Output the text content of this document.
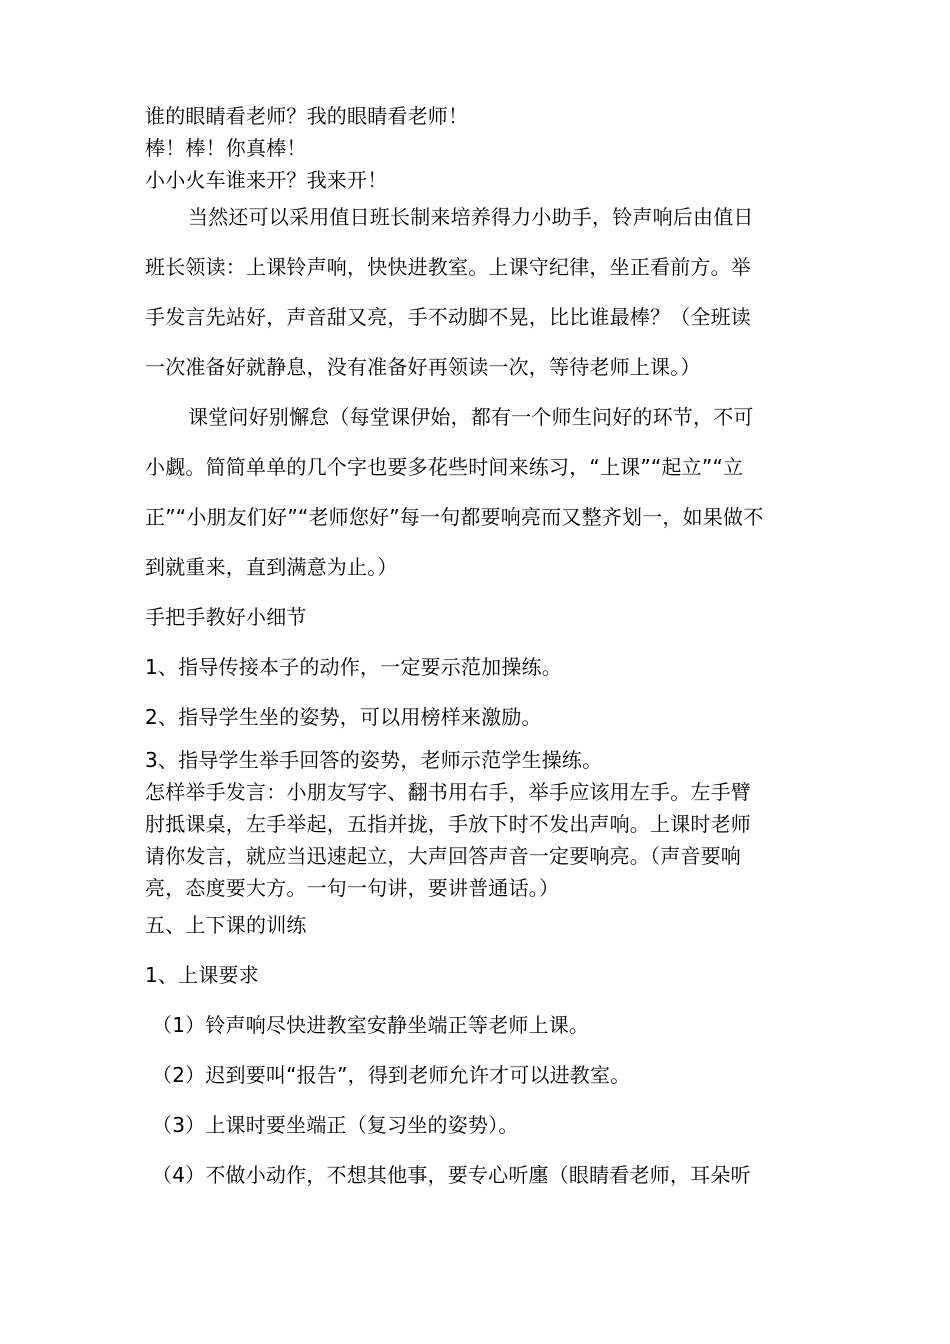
谁的眼睛看老师？我的眼睛看老师！
棒！棒！你真棒！
小小火车谁来开？我来开！
当然还可以采用值日班长制来培养得力小助手，铃声响后由值日
班长领读：上课铃声响，快快进教室。上课守纪律，坐正看前方。举
手发言先站好，声音甜又亮，手不动脚不晃，比比谁最棒？（全班读
一次准备好就静息，没有准备好再领读一次，等待老师上课。）
课堂问好别懈怠（每堂课伊始，都有一个师生问好的环节，不可
小觑。简简单单的几个字也要多花些时间来练习，“上课”“起立”“立
正”“小朋友们好”“老师您好”每一句都要响亮而又整齐划一，如果做不
到就重来，直到满意为止。）
手把手教好小细节
1、指导传接本子的动作，一定要示范加操练。
2、指导学生坐的姿势，可以用榜样来激励。
3、指导学生举手回答的姿势，老师示范学生操练。
怎样举手发言：小朋友写字、翻书用右手，举手应该用左手。左手臂
肘抵课桌，左手举起，五指并拢，手放下时不发出声响。上课时老师
请你发言，就应当迅速起立，大声回答声音一定要响亮。（声音要响
亮，态度要大方。一句一句讲，要讲普通话。）
五、上下课的训练
1、上课要求
（1）铃声响尽快进教室安静坐端正等老师上课。
（2）迟到要叫“报告”，得到老师允许才可以进教室。
（3）上课时要坐端正（复习坐的姿势）。
（4）不做小动作，不想其他事，要专心听廛（眼睛看老师，耳朵听
